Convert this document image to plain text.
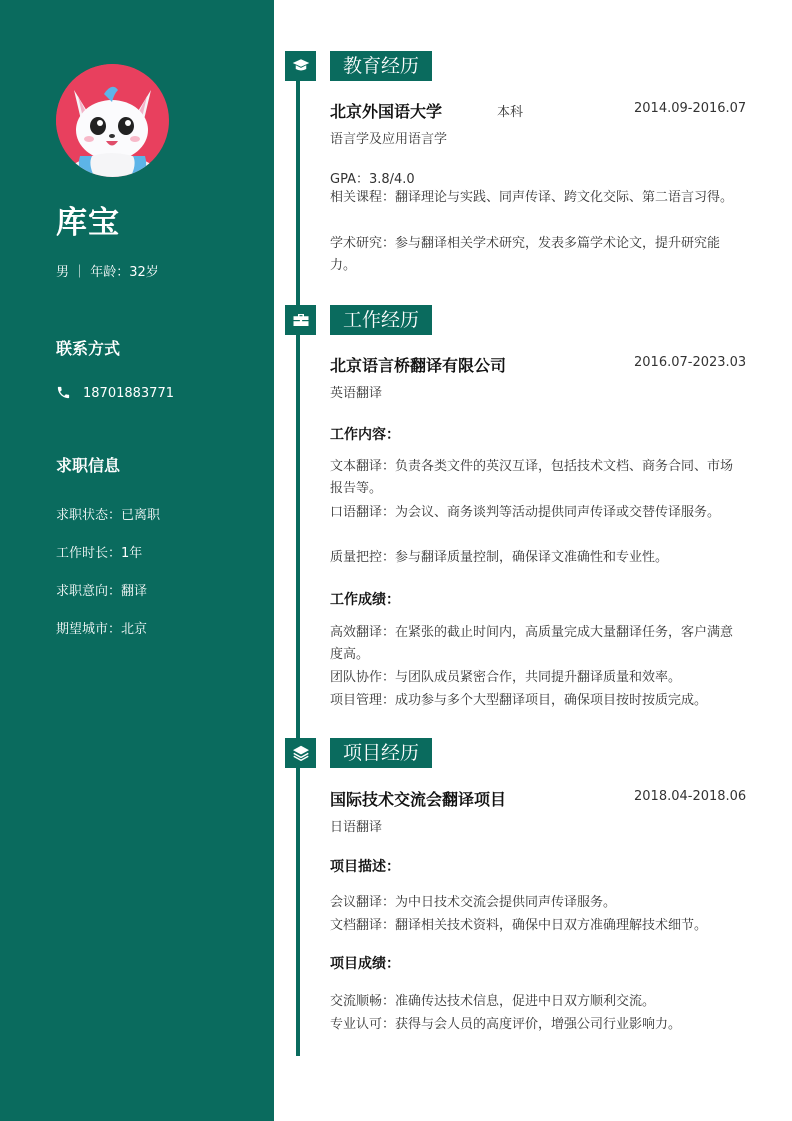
库宝
男 ｜ 年龄：32岁
联系方式
18701883771
求职信息
求职状态：已离职
工作时长：1年
求职意向：翻译
期望城市：北京
教育经历
北京外国语大学	本科	2014.09-2016.07
语言学及应用语言学
GPA：3.8/4.0
相关课程：翻译理论与实践、同声传译、跨文化交际、第二语言习得。
学术研究：参与翻译相关学术研究，发表多篇学术论文，提升研究能力。
工作经历
北京语言桥翻译有限公司	2016.07-2023.03
英语翻译
工作内容：
文本翻译：负责各类文件的英汉互译，包括技术文档、商务合同、市场报告等。
口语翻译：为会议、商务谈判等活动提供同声传译或交替传译服务。
质量把控：参与翻译质量控制，确保译文准确性和专业性。
工作成绩：
高效翻译：在紧张的截止时间内，高质量完成大量翻译任务，客户满意度高。
团队协作：与团队成员紧密合作，共同提升翻译质量和效率。
项目管理：成功参与多个大型翻译项目，确保项目按时按质完成。
项目经历
国际技术交流会翻译项目	2018.04-2018.06
日语翻译
项目描述：
会议翻译：为中日技术交流会提供同声传译服务。
文档翻译：翻译相关技术资料，确保中日双方准确理解技术细节。
项目成绩：
交流顺畅：准确传达技术信息，促进中日双方顺利交流。
专业认可：获得与会人员的高度评价，增强公司行业影响力。
